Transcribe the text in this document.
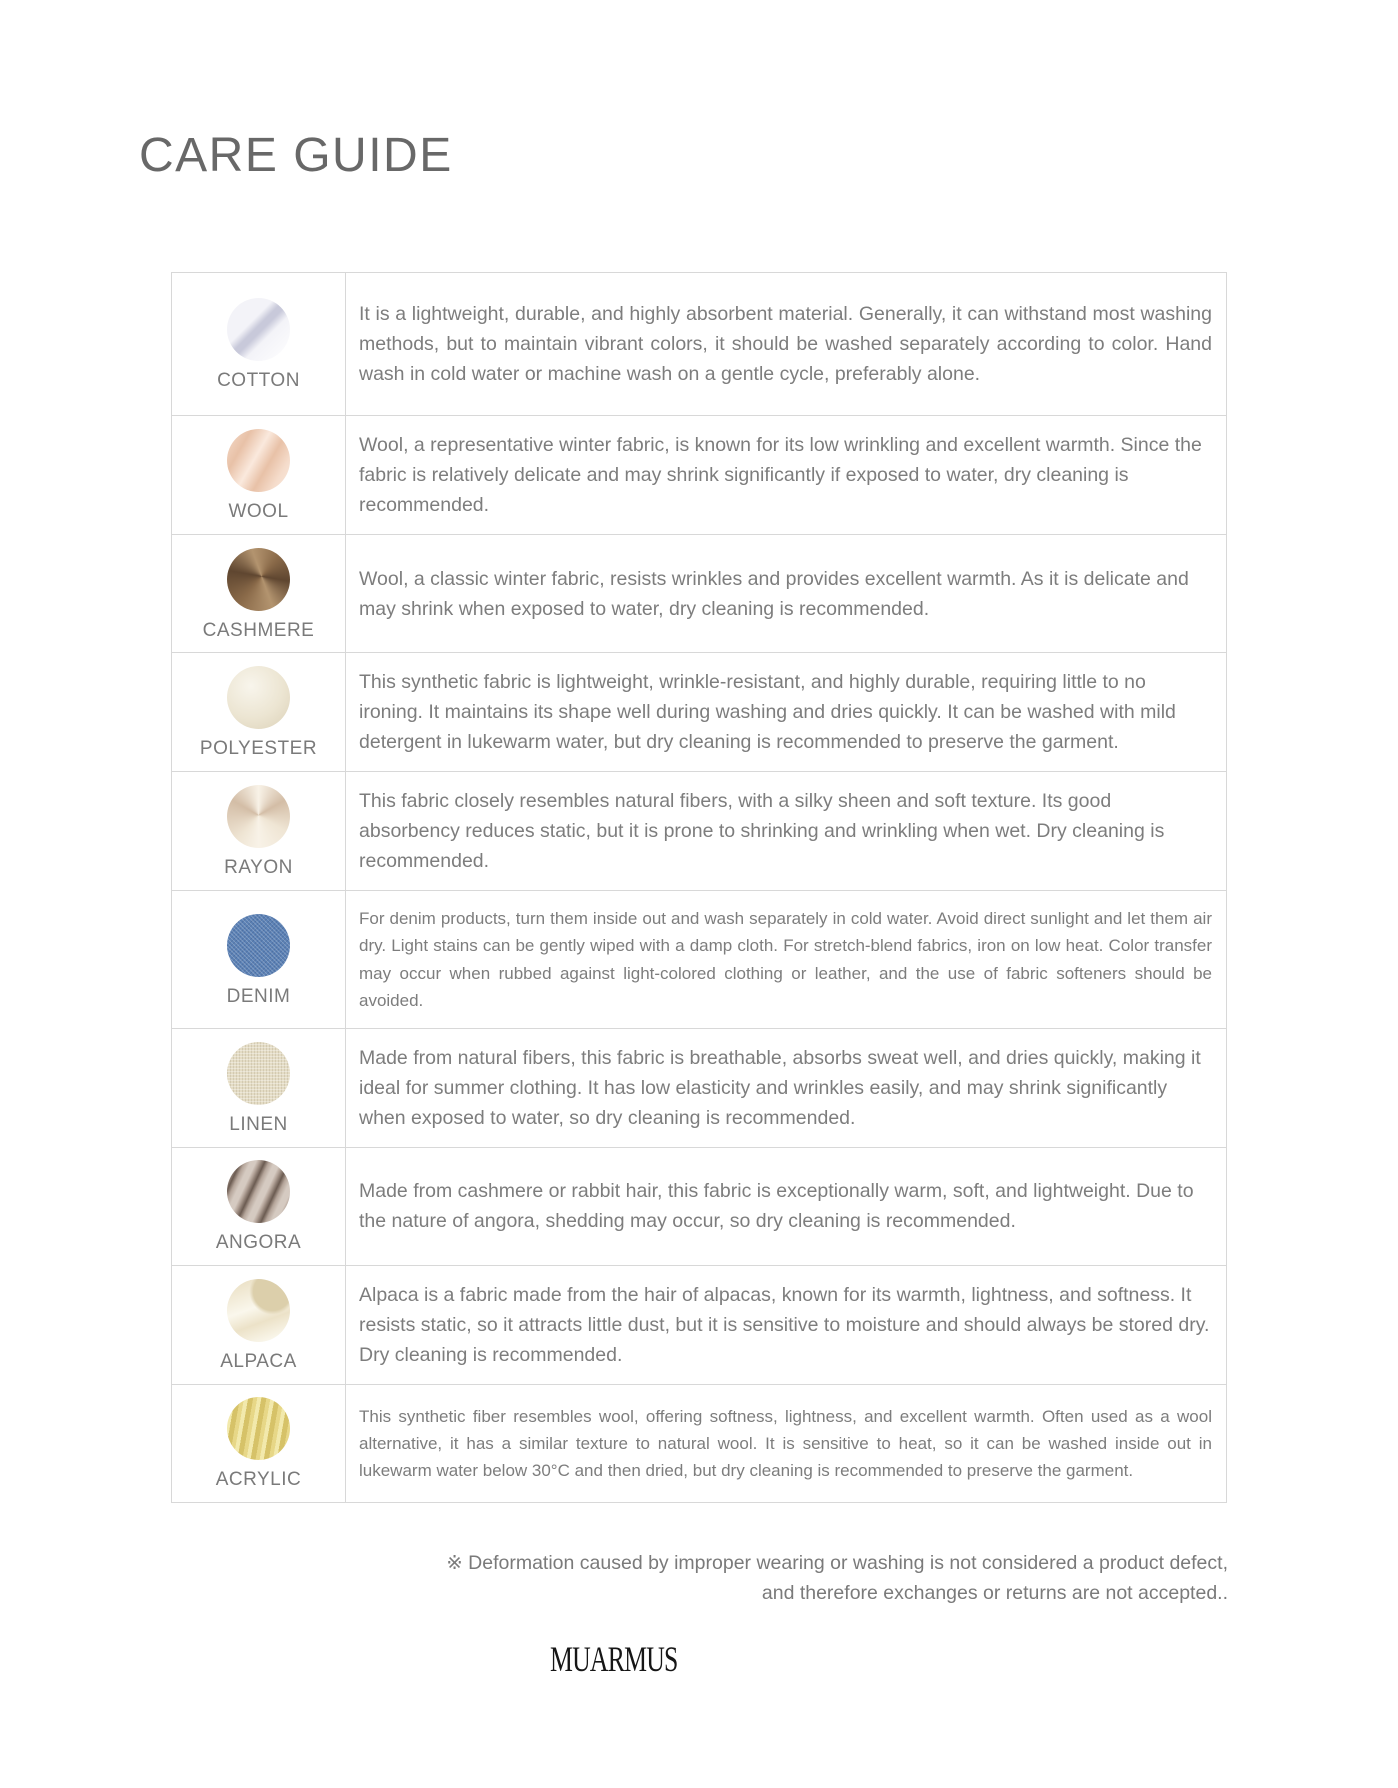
CARE GUIDE
COTTON

It is a lightweight, durable, and highly absorbent material. Generally, it can withstand most washing methods, but to maintain vibrant colors, it should be washed separately according to color. Hand wash in cold water or machine wash on a gentle cycle, preferably alone.

WOOL

Wool, a representative winter fabric, is known for its low wrinkling and excellent warmth. Since the fabric is relatively delicate and may shrink significantly if exposed to water, dry cleaning is recommended.

CASHMERE

Wool, a classic winter fabric, resists wrinkles and provides excellent warmth. As it is delicate and may shrink when exposed to water, dry cleaning is recommended.

POLYESTER

This synthetic fabric is lightweight, wrinkle-resistant, and highly durable, requiring little to no ironing. It maintains its shape well during washing and dries quickly. It can be washed with mild detergent in lukewarm water, but dry cleaning is recommended to preserve the garment.

RAYON

This fabric closely resembles natural fibers, with a silky sheen and soft texture. Its good absorbency reduces static, but it is prone to shrinking and wrinkling when wet. Dry cleaning is recommended.

DENIM

For denim products, turn them inside out and wash separately in cold water. Avoid direct sunlight and let them air dry. Light stains can be gently wiped with a damp cloth. For stretch-blend fabrics, iron on low heat. Color transfer may occur when rubbed against light-colored clothing or leather, and the use of fabric softeners should be avoided.

LINEN

Made from natural fibers, this fabric is breathable, absorbs sweat well, and dries quickly, making it ideal for summer clothing. It has low elasticity and wrinkles easily, and may shrink significantly when exposed to water, so dry cleaning is recommended.

ANGORA

Made from cashmere or rabbit hair, this fabric is exceptionally warm, soft, and lightweight. Due to the nature of angora, shedding may occur, so dry cleaning is recommended.

ALPACA

Alpaca is a fabric made from the hair of alpacas, known for its warmth, lightness, and softness. It resists static, so it attracts little dust, but it is sensitive to moisture and should always be stored dry. Dry cleaning is recommended.

ACRYLIC

This synthetic fiber resembles wool, offering softness, lightness, and excellent warmth. Often used as a wool alternative, it has a similar texture to natural wool. It is sensitive to heat, so it can be washed inside out in lukewarm water below 30°C and then dried, but dry cleaning is recommended to preserve the garment.

※ Deformation caused by improper wearing or washing is not considered a product defect, and therefore exchanges or returns are not accepted..
MUARMUS
